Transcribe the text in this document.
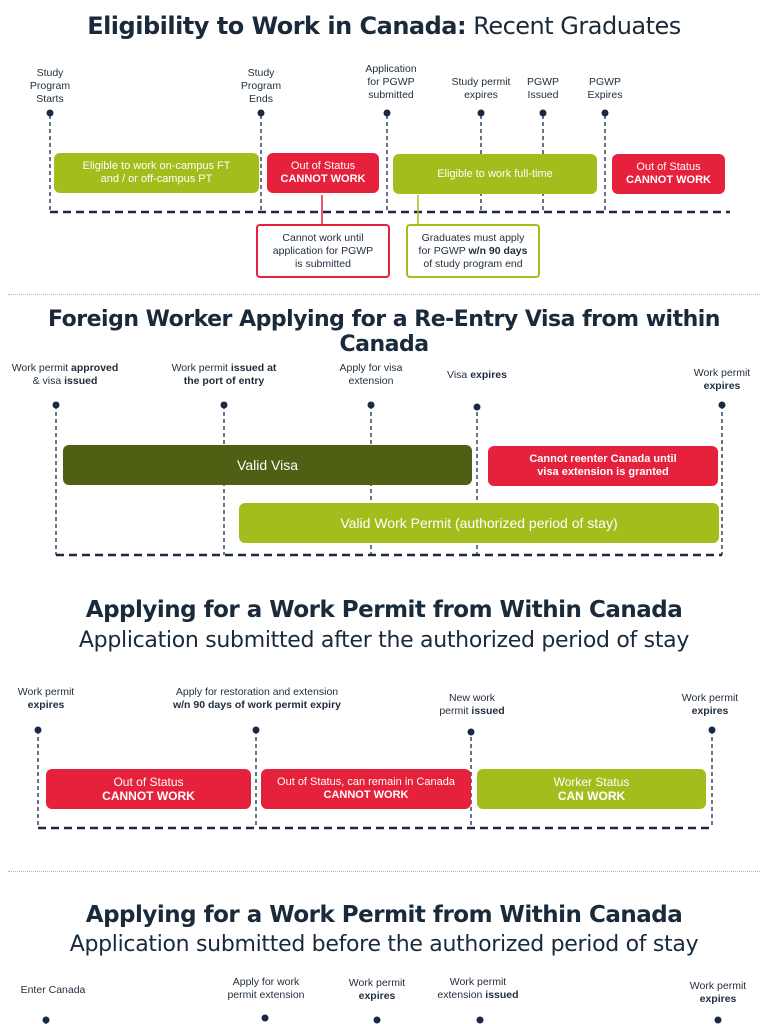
Eligibility to Work in Canada: Recent Graduates
Study
Program
Starts
Study
Program
Ends
Application
for PGWP
submitted
Study permit
expires
PGWP
Issued
PGWP
Expires
Eligible to work on-campus FT
and / or off-campus PT
Out of Status
CANNOT WORK	Eligible to work full-time
Out of Status
CANNOT WORK
Cannot work until
application for PGWP
is submitted
Graduates must apply
for PGWP w/n 90 days
of study program end
Foreign Worker Applying for a Re-Entry Visa from within Canada
Work permit approved
& visa issued
Work permit issued at
the port of entry
Apply for visa
extension	Visa expires	Work permit
expires
Valid Visa	Cannot reenter Canada until
visa extension is granted
Valid Work Permit (authorized period of stay)
Applying for a Work Permit from Within Canada
Application submitted after the authorized period of stay
Work permit
expires
Apply for restoration and extension
w/n 90 days of work permit expiry
New work
permit issued
Work permit
expires
Out of Status
CANNOT WORK
Out of Status, can remain in Canada
CANNOT WORK
Worker Status
CAN WORK
Applying for a Work Permit from Within Canada
Application submitted before the authorized period of stay
Enter Canada
Apply for work
permit extension
Work permit
expires
Work permit
extension issued
Work permit
expires
